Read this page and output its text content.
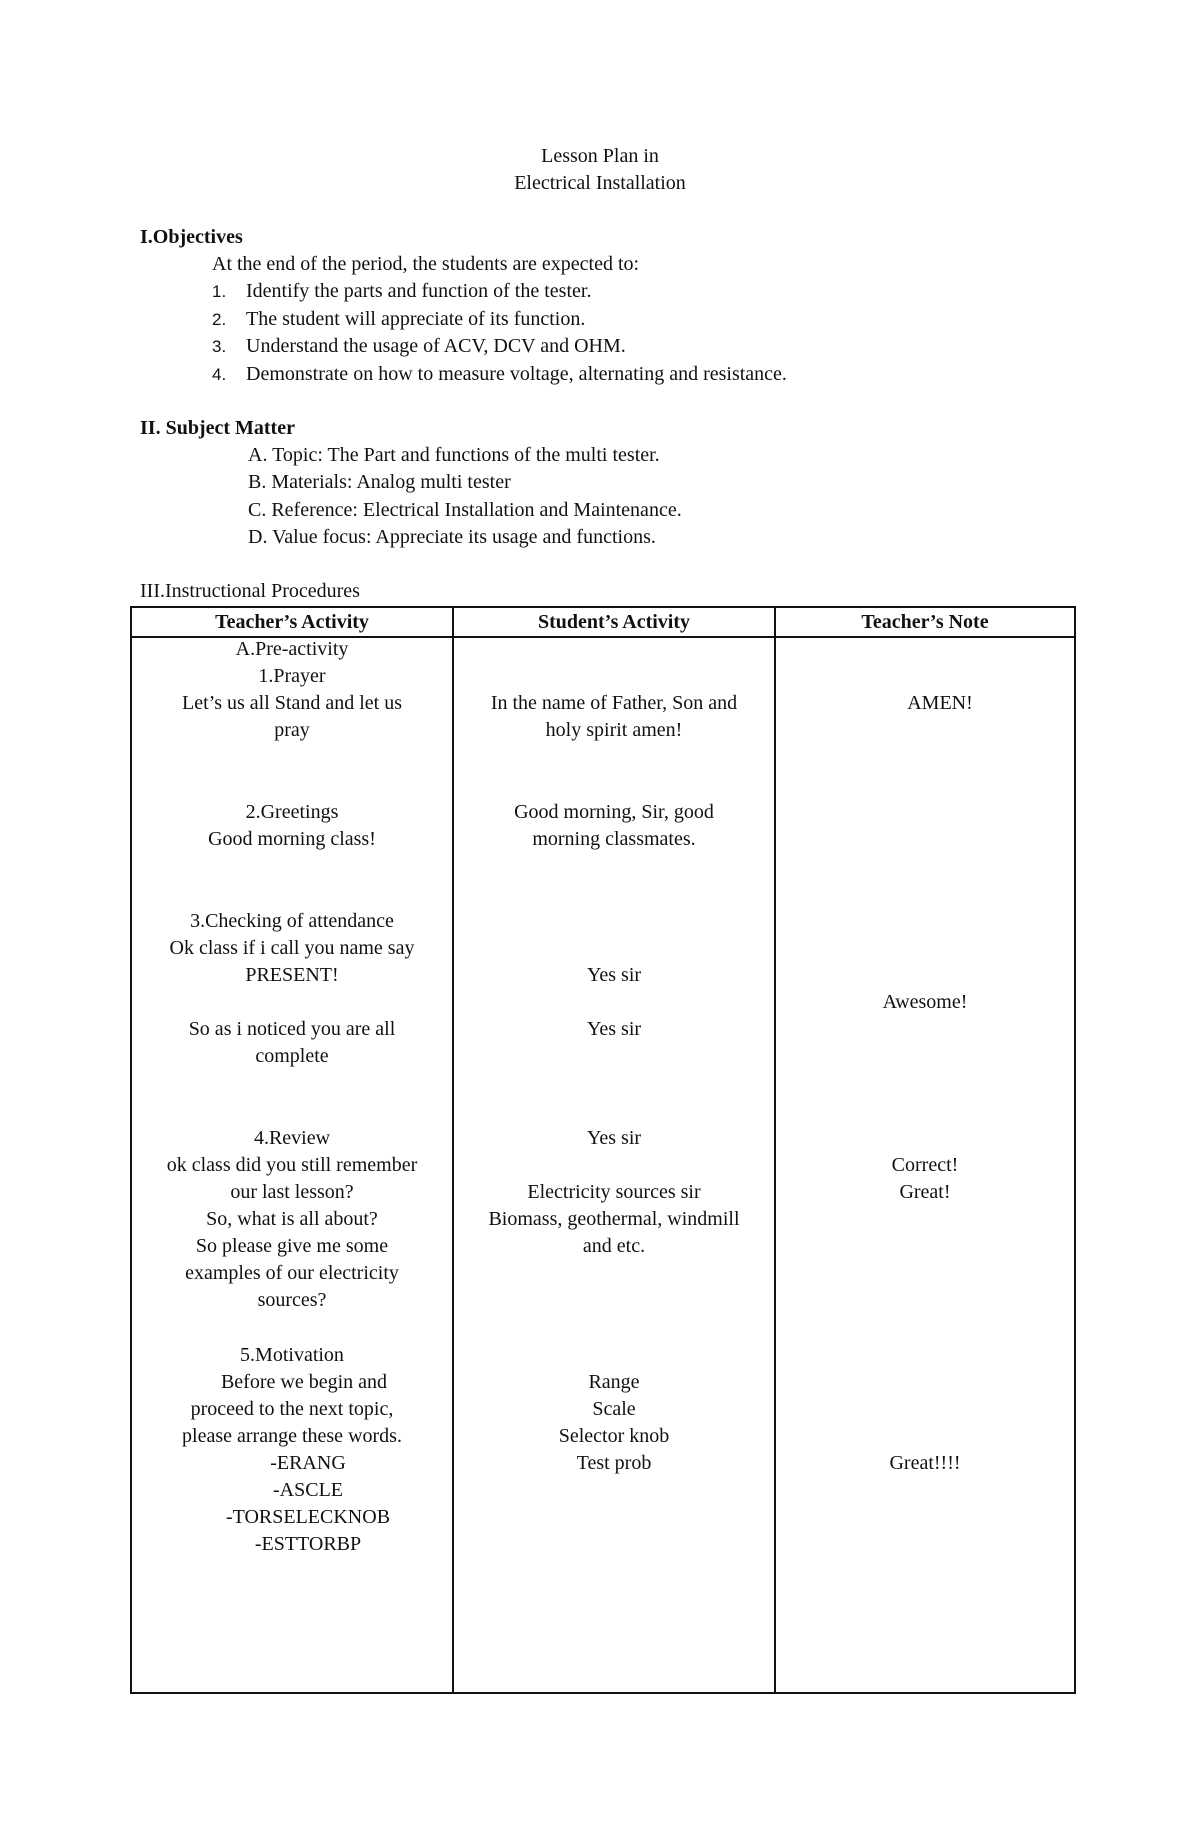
Lesson Plan in
Electrical Installation
I.Objectives
At the end of the period, the students are expected to:
1. Identify the parts and function of the tester.
2. The student will appreciate of its function.
3. Understand the usage of ACV, DCV and OHM.
4. Demonstrate on how to measure voltage, alternating and resistance.
II. Subject Matter
A. Topic: The Part and functions of the multi tester.
B. Materials: Analog multi tester
C. Reference: Electrical Installation and Maintenance.
D. Value focus: Appreciate its usage and functions.
III.Instructional Procedures
Teacher’s Activity	Student’s Activity	Teacher’s Note
A.Pre-activity
1.Prayer
Let’s us all Stand and let us
pray
2.Greetings
Good morning class!
3.Checking of attendance
Ok class if i call you name say
PRESENT!
So as i noticed you are all
complete
4.Review
ok class did you still remember
our last lesson?
So, what is all about?
So please give me some
examples of our electricity
sources?
5.Motivation
Before we begin and
proceed to the next topic,
please arrange these words.
-ERANG
-ASCLE
-TORSELECKNOB
-ESTTORBP
In the name of Father, Son and
holy spirit amen!
Good morning, Sir, good
morning classmates.
Yes sir
Yes sir
Yes sir
Electricity sources sir
Biomass, geothermal, windmill
and etc.
Range
Scale
Selector knob
Test prob
AMEN!
Awesome!
Correct!
Great!
Great!!!!
